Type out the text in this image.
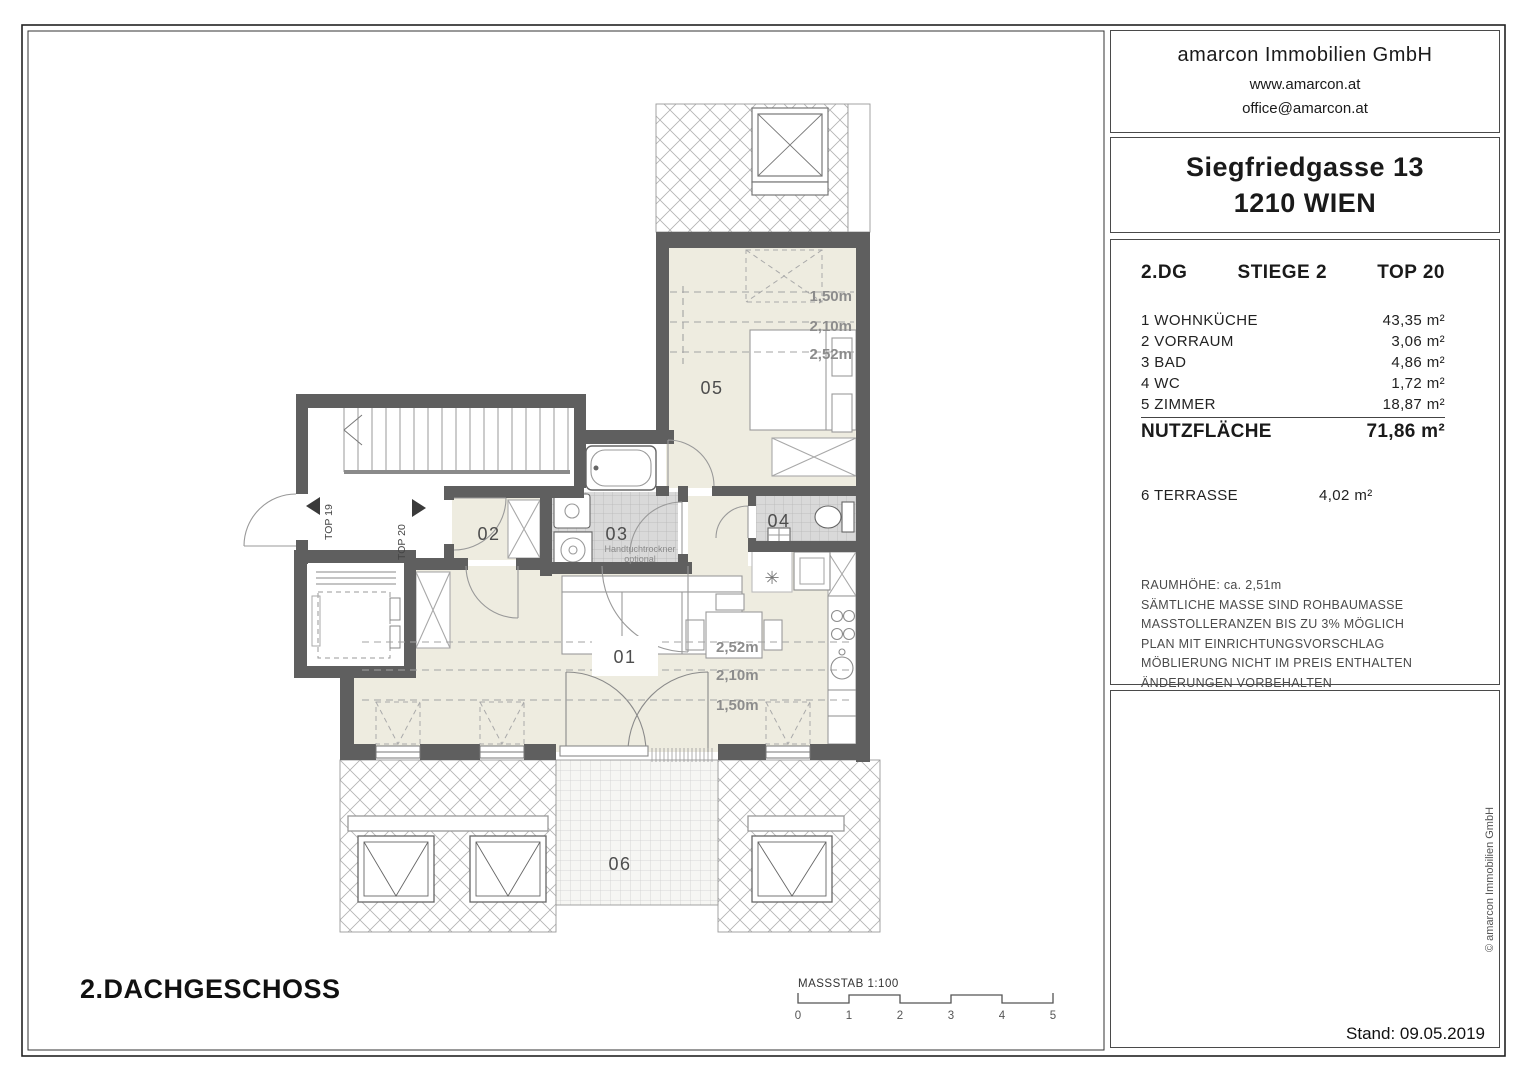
✳
1,50m
2,10m
2,52m
2,52m
2,10m
1,50m
01
02	03
04
05
06
Handtuchtrockner
optional
TOP 19
TOP 20
MASSSTAB 1:100
0	1	2	3	4	5
amarcon Immobilien GmbH
www.amarcon.at
office@amarcon.at
Siegfriedgasse 13
1210 WIEN
2.DG	STIEGE 2	TOP 20
1 WOHNKÜCHE	43,35 m²
2 VORRAUM	3,06 m²
3 BAD	4,86 m²
4 WC	1,72 m²
5 ZIMMER	18,87 m²
NUTZFLÄCHE	71,86 m²
6 TERRASSE	4,02 m²
RAUMHÖHE: ca. 2,51m
SÄMTLICHE MASSE SIND ROHBAUMASSE
MASSTOLLERANZEN BIS ZU 3% MÖGLICH
PLAN MIT EINRICHTUNGSVORSCHLAG
MÖBLIERUNG NICHT IM PREIS ENTHALTEN
ÄNDERUNGEN VORBEHALTEN
Stand: 09.05.2019
© amarcon Immobilien GmbH
2.DACHGESCHOSS
